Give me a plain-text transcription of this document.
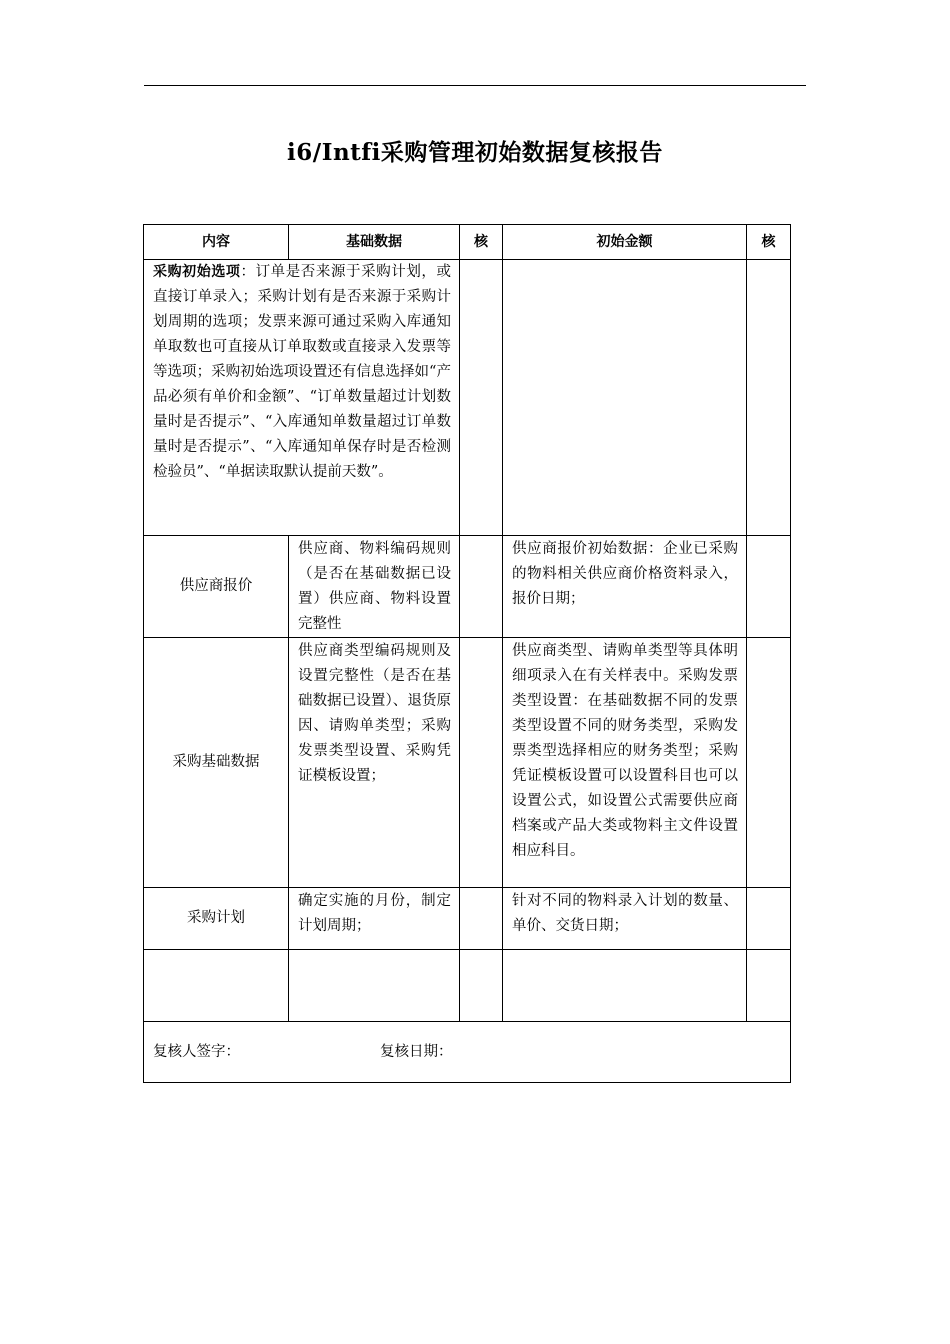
i6/Intfi采购管理初始数据复核报告
内容	基础数据	核	初始金额	核

采购初始选项：订单是否来源于采购计划，或直接订单录入；采购计划有是否来源于采购计划周期的选项；发票来源可通过采购入库通知单取数也可直接从订单取数或直接录入发票等等选项；采购初始选项设置还有信息选择如“产品必须有单价和金额”、“订单数量超过计划数量时是否提示”、“入库通知单数量超过订单数量时是否提示”、“入库通知单保存时是否检测检验员”、“单据读取默认提前天数”。				

供应商报价	供应商、物料编码规则（是否在基础数据已设置）供应商、物料设置完整性		供应商报价初始数据：企业已采购的物料相关供应商价格资料录入，报价日期；	

采购基础数据	供应商类型编码规则及设置完整性（是否在基础数据已设置）、退货原因、请购单类型；采购发票类型设置、采购凭证模板设置；		供应商类型、请购单类型等具体明细项录入在有关样表中。采购发票类型设置：在基础数据不同的发票类型设置不同的财务类型，采购发票类型选择相应的财务类型；采购凭证模板设置可以设置科目也可以设置公式，如设置公式需要供应商档案或产品大类或物料主文件设置相应科目。	

采购计划	确定实施的月份，制定计划周期；		针对不同的物料录入计划的数量、单价、交货日期；	

复核人签字： 复核日期：				
